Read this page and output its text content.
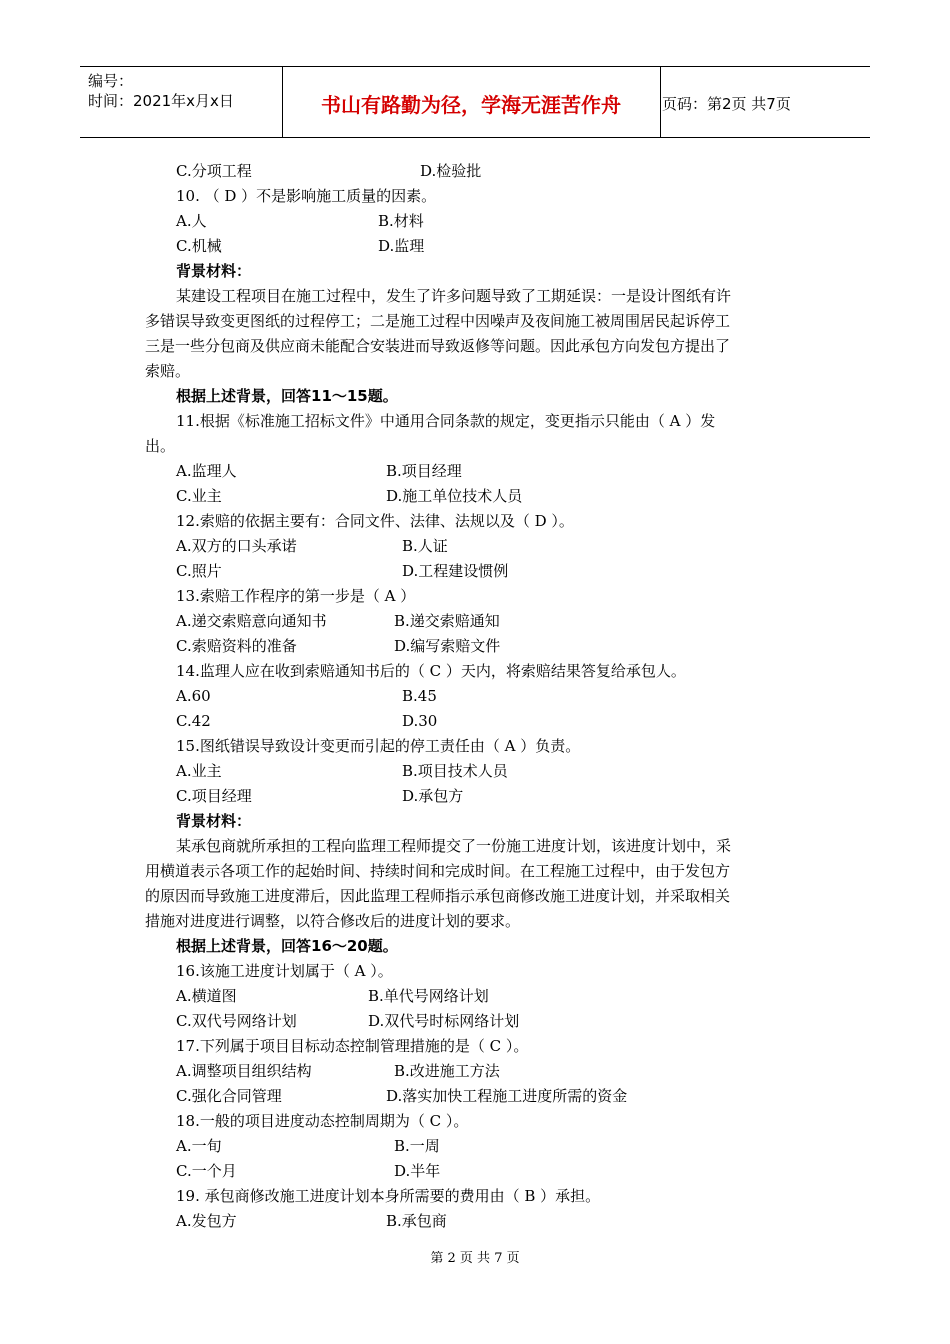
编号：
时间：2021年x月x日	书山有路勤为径，学海无涯苦作舟	页码：第2页 共7页
C.分项工程	D.检验批
10. （ D ）不是影响施工质量的因素。
A.人	B.材料
C.机械	D.监理
背景材料：
某建设工程项目在施工过程中，发生了许多问题导致了工期延误：一是设计图纸有许
多错误导致变更图纸的过程停工；二是施工过程中因噪声及夜间施工被周围居民起诉停工
三是一些分包商及供应商未能配合安装进而导致返修等问题。因此承包方向发包方提出了
索赔。
根据上述背景，回答11～15题。
11.根据《标准施工招标文件》中通用合同条款的规定，变更指示只能由（ A ）发
出。
A.监理人	B.项目经理
C.业主	D.施工单位技术人员
12.索赔的依据主要有：合同文件、法律、法规以及（ D ）。
A.双方的口头承诺	B.人证
C.照片	D.工程建设惯例
13.索赔工作程序的第一步是（ A ）
A.递交索赔意向通知书	B.递交索赔通知
C.索赔资料的准备	D.编写索赔文件
14.监理人应在收到索赔通知书后的（ C ）天内，将索赔结果答复给承包人。
A.60	B.45
C.42	D.30
15.图纸错误导致设计变更而引起的停工责任由（ A ）负责。
A.业主	B.项目技术人员
C.项目经理	D.承包方
背景材料：
某承包商就所承担的工程向监理工程师提交了一份施工进度计划，该进度计划中，采
用横道表示各项工作的起始时间、持续时间和完成时间。在工程施工过程中，由于发包方
的原因而导致施工进度滞后，因此监理工程师指示承包商修改施工进度计划，并采取相关
措施对进度进行调整，以符合修改后的进度计划的要求。
根据上述背景，回答16～20题。
16.该施工进度计划属于（ A ）。
A.横道图	B.单代号网络计划
C.双代号网络计划	D.双代号时标网络计划
17.下列属于项目目标动态控制管理措施的是（ C ）。
A.调整项目组织结构	B.改进施工方法
C.强化合同管理	D.落实加快工程施工进度所需的资金
18.一般的项目进度动态控制周期为（ C ）。
A.一旬	B.一周
C.一个月	D.半年
19. 承包商修改施工进度计划本身所需要的费用由（ B ）承担。
A.发包方	B.承包商
第 2 页 共 7 页
